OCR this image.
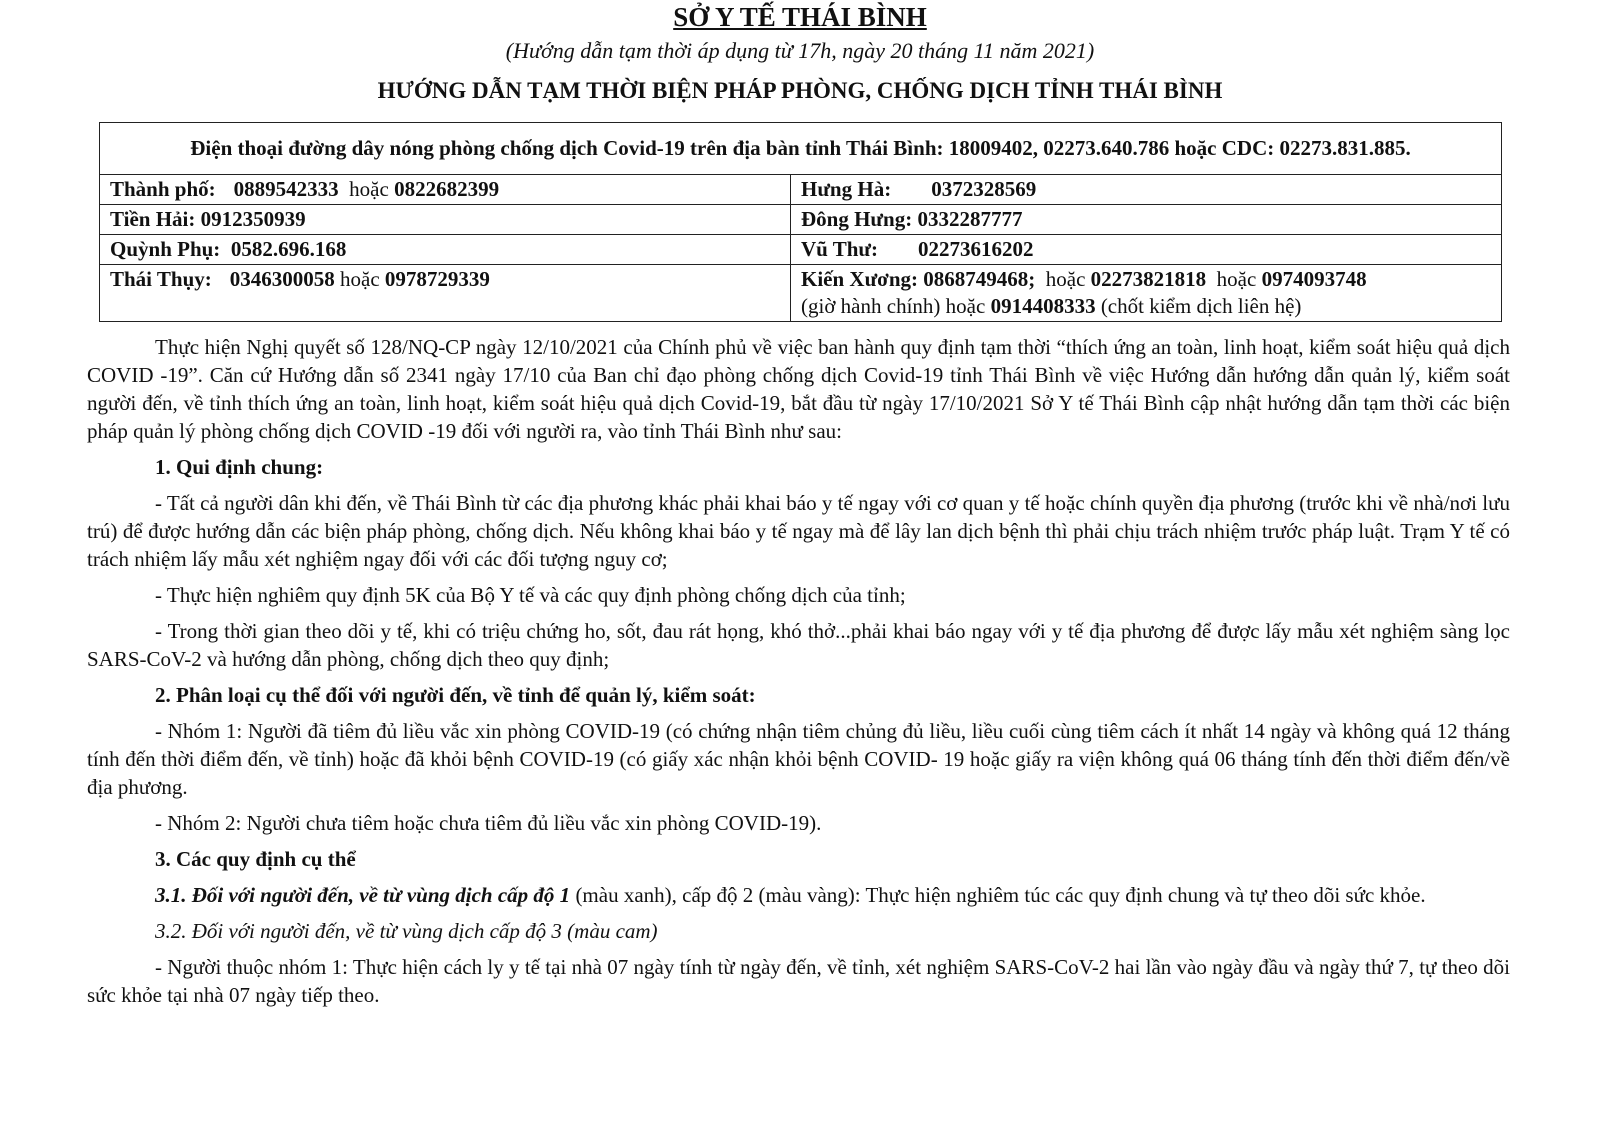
SỞ Y TẾ THÁI BÌNH
(Hướng dẫn tạm thời áp dụng từ 17h, ngày 20 tháng 11 năm 2021)
HƯỚNG DẪN TẠM THỜI BIỆN PHÁP PHÒNG, CHỐNG DỊCH TỈNH THÁI BÌNH
Điện thoại đường dây nóng phòng chống dịch Covid-19 trên địa bàn tỉnh Thái Bình: 18009402, 02273.640.786 hoặc CDC: 02273.831.885.	
Thành phố: 0889542333 hoặc 0822682399	Hưng Hà: 0372328569
Tiền Hải: 0912350939	Đông Hưng: 0332287777
Quỳnh Phụ: 0582.696.168	Vũ Thư: 02273616202
Thái Thụy: 0346300058 hoặc 0978729339	Kiến Xương: 0868749468; hoặc 02273821818 hoặc 0974093748
(giờ hành chính) hoặc 0914408333 (chốt kiểm dịch liên hệ)

Thực hiện Nghị quyết số 128/NQ-CP ngày 12/10/2021 của Chính phủ về việc ban hành quy định tạm thời “thích ứng an toàn, linh hoạt, kiểm soát hiệu quả dịch COVID -19”. Căn cứ Hướng dẫn số 2341 ngày 17/10 của Ban chỉ đạo phòng chống dịch Covid-19 tỉnh Thái Bình về việc Hướng dẫn hướng dẫn quản lý, kiểm soát người đến, về tỉnh thích ứng an toàn, linh hoạt, kiểm soát hiệu quả dịch Covid-19, bắt đầu từ ngày 17/10/2021 Sở Y tế Thái Bình cập nhật hướng dẫn tạm thời các biện pháp quản lý phòng chống dịch COVID -19 đối với người ra, vào tỉnh Thái Bình như sau:

1. Qui định chung:

- Tất cả người dân khi đến, về Thái Bình từ các địa phương khác phải khai báo y tế ngay với cơ quan y tế hoặc chính quyền địa phương (trước khi về nhà/nơi lưu trú) để được hướng dẫn các biện pháp phòng, chống dịch. Nếu không khai báo y tế ngay mà để lây lan dịch bệnh thì phải chịu trách nhiệm trước pháp luật. Trạm Y tế có trách nhiệm lấy mẫu xét nghiệm ngay đối với các đối tượng nguy cơ;

- Thực hiện nghiêm quy định 5K của Bộ Y tế và các quy định phòng chống dịch của tỉnh;

- Trong thời gian theo dõi y tế, khi có triệu chứng ho, sốt, đau rát họng, khó thở...phải khai báo ngay với y tế địa phương để được lấy mẫu xét nghiệm sàng lọc SARS-CoV-2 và hướng dẫn phòng, chống dịch theo quy định;

2. Phân loại cụ thể đối với người đến, về tỉnh để quản lý, kiểm soát:

- Nhóm 1: Người đã tiêm đủ liều vắc xin phòng COVID-19 (có chứng nhận tiêm chủng đủ liều, liều cuối cùng tiêm cách ít nhất 14 ngày và không quá 12 tháng tính đến thời điểm đến, về tỉnh) hoặc đã khỏi bệnh COVID-19 (có giấy xác nhận khỏi bệnh COVID- 19 hoặc giấy ra viện không quá 06 tháng tính đến thời điểm đến/về địa phương.

- Nhóm 2: Người chưa tiêm hoặc chưa tiêm đủ liều vắc xin phòng COVID-19).

3. Các quy định cụ thể

3.1. Đối với người đến, về từ vùng dịch cấp độ 1 (màu xanh), cấp độ 2 (màu vàng): Thực hiện nghiêm túc các quy định chung và tự theo dõi sức khỏe.

3.2. Đối với người đến, về từ vùng dịch cấp độ 3 (màu cam)

- Người thuộc nhóm 1: Thực hiện cách ly y tế tại nhà 07 ngày tính từ ngày đến, về tỉnh, xét nghiệm SARS-CoV-2 hai lần vào ngày đầu và ngày thứ 7, tự theo dõi sức khỏe tại nhà 07 ngày tiếp theo.
